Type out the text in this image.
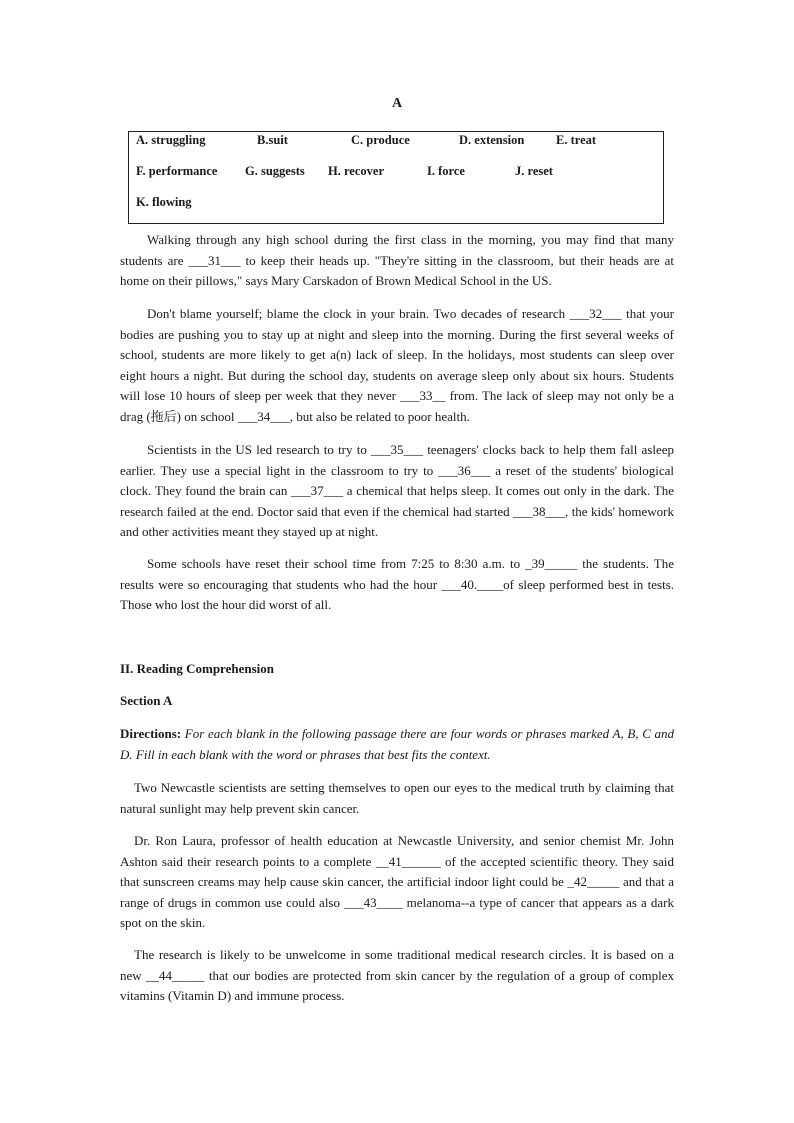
A
A. struggling	B.suit	C. produce	D. extension	E. treat
F. performance G. suggests H. recover	I. force	J. reset
K. flowing

Walking through any high school during the first class in the morning, you may find that many students are ___31___ to keep their heads up. "They're sitting in the classroom, but their heads are at home on their pillows," says Mary Carskadon of Brown Medical School in the US.

Don't blame yourself; blame the clock in your brain. Two decades of research ___32___ that your bodies are pushing you to stay up at night and sleep into the morning. During the first several weeks of school, students are more likely to get a(n) lack of sleep. In the holidays, most students can sleep over eight hours a night. But during the school day, students on average sleep only about six hours. Students will lose 10 hours of sleep per week that they never ___33__ from. The lack of sleep may not only be a drag (拖后) on school ___34___, but also be related to poor health.

Scientists in the US led research to try to ___35___ teenagers' clocks back to help them fall asleep earlier. They use a special light in the classroom to try to ___36___ a reset of the students' biological clock. They found the brain can ___37___ a chemical that helps sleep. It comes out only in the dark. The research failed at the end. Doctor said that even if the chemical had started ___38___, the kids' homework and other activities meant they stayed up at night.

Some schools have reset their school time from 7:25 to 8:30 a.m. to _39_____ the students. The results were so encouraging that students who had the hour ___40.____of sleep performed best in tests. Those who lost the hour did worst of all.

II. Reading Comprehension

Section A

Directions: For each blank in the following passage there are four words or phrases marked A, B, C and D. Fill in each blank with the word or phrases that best fits the context.

Two Newcastle scientists are setting themselves to open our eyes to the medical truth by claiming that natural sunlight may help prevent skin cancer.

Dr. Ron Laura, professor of health education at Newcastle University, and senior chemist Mr. John Ashton said their research points to a complete __41______ of the accepted scientific theory. They said that sunscreen creams may help cause skin cancer, the artificial indoor light could be _42_____ and that a range of drugs in common use could also ___43____ melanoma--a type of cancer that appears as a dark spot on the skin.

The research is likely to be unwelcome in some traditional medical research circles. It is based on a new __44_____ that our bodies are protected from skin cancer by the regulation of a group of complex vitamins (Vitamin D) and immune process.
